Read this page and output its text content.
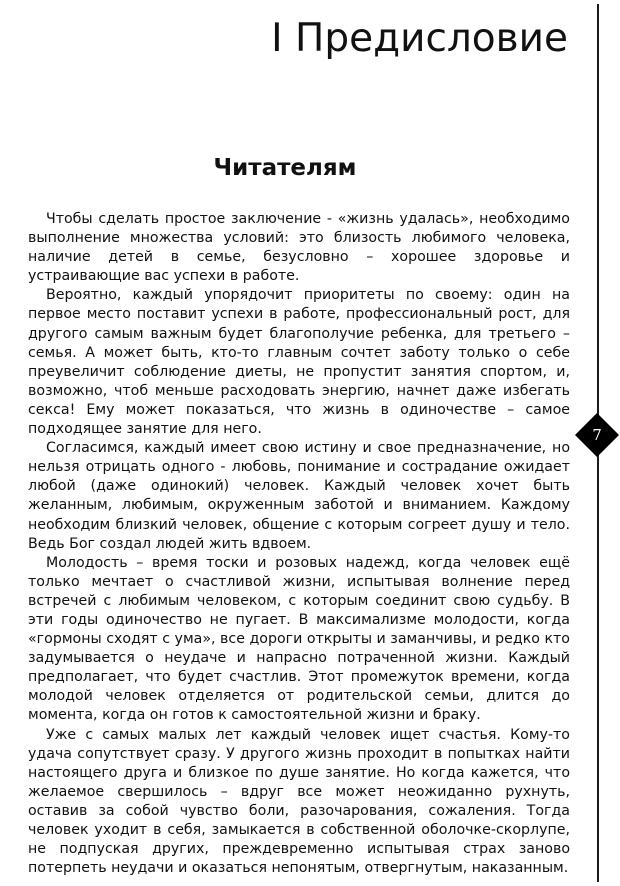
I Предисловие
Читателям

Чтобы сделать простое заключение - «жизнь удалась», необходимо выполнение множества условий: это близость любимого человека, наличие детей в семье, безусловно – хорошее здоровье и устраивающие вас успехи в работе.

Вероятно, каждый упорядочит приоритеты по своему: один на первое место поставит успехи в работе, профессиональный рост, для другого самым важным будет благополучие ребенка, для третьего – семья. А может быть, кто-то главным сочтет заботу только о себе преувеличит соблюдение диеты, не пропустит занятия спортом, и, возможно, чтоб меньше расходовать энергию, начнет даже избегать секса! Ему может показаться, что жизнь в одиночестве – самое подходящее занятие для него.

Согласимся, каждый имеет свою истину и свое предназначение, но нельзя отрицать одного - любовь, понимание и сострадание ожидает любой (даже одинокий) человек. Каждый человек хочет быть желанным, любимым, окруженным заботой и вниманием. Каждому необходим близкий человек, общение с которым согреет душу и тело. Ведь Бог создал людей жить вдвоем.

Молодость – время тоски и розовых надежд, когда человек ещё только мечтает о счастливой жизни, испытывая волнение перед встречей с любимым человеком, с которым соединит свою судьбу. В эти годы одиночество не пугает. В максимализме молодости, когда «гормоны сходят с ума», все дороги открыты и заманчивы, и редко кто задумывается о неудаче и напрасно потраченной жизни. Каждый предполагает, что будет счастлив. Этот промежуток времени, когда молодой человек отделяется от родительской семьи, длится до момента, когда он готов к самостоятельной жизни и браку.

Уже с самых малых лет каждый человек ищет счастья. Кому-то удача сопутствует сразу. У другого жизнь проходит в попытках найти настоящего друга и близкое по душе занятие. Но когда кажется, что желаемое свершилось – вдруг все может неожиданно рухнуть, оставив за собой чувство боли, разочарования, сожаления. Тогда человек уходит в себя, замыкается в собственной оболочке-скорлупе, не подпуская других, преждевременно испытывая страх заново потерпеть неудачи и оказаться непонятым, отвергнутым, наказанным.

7
